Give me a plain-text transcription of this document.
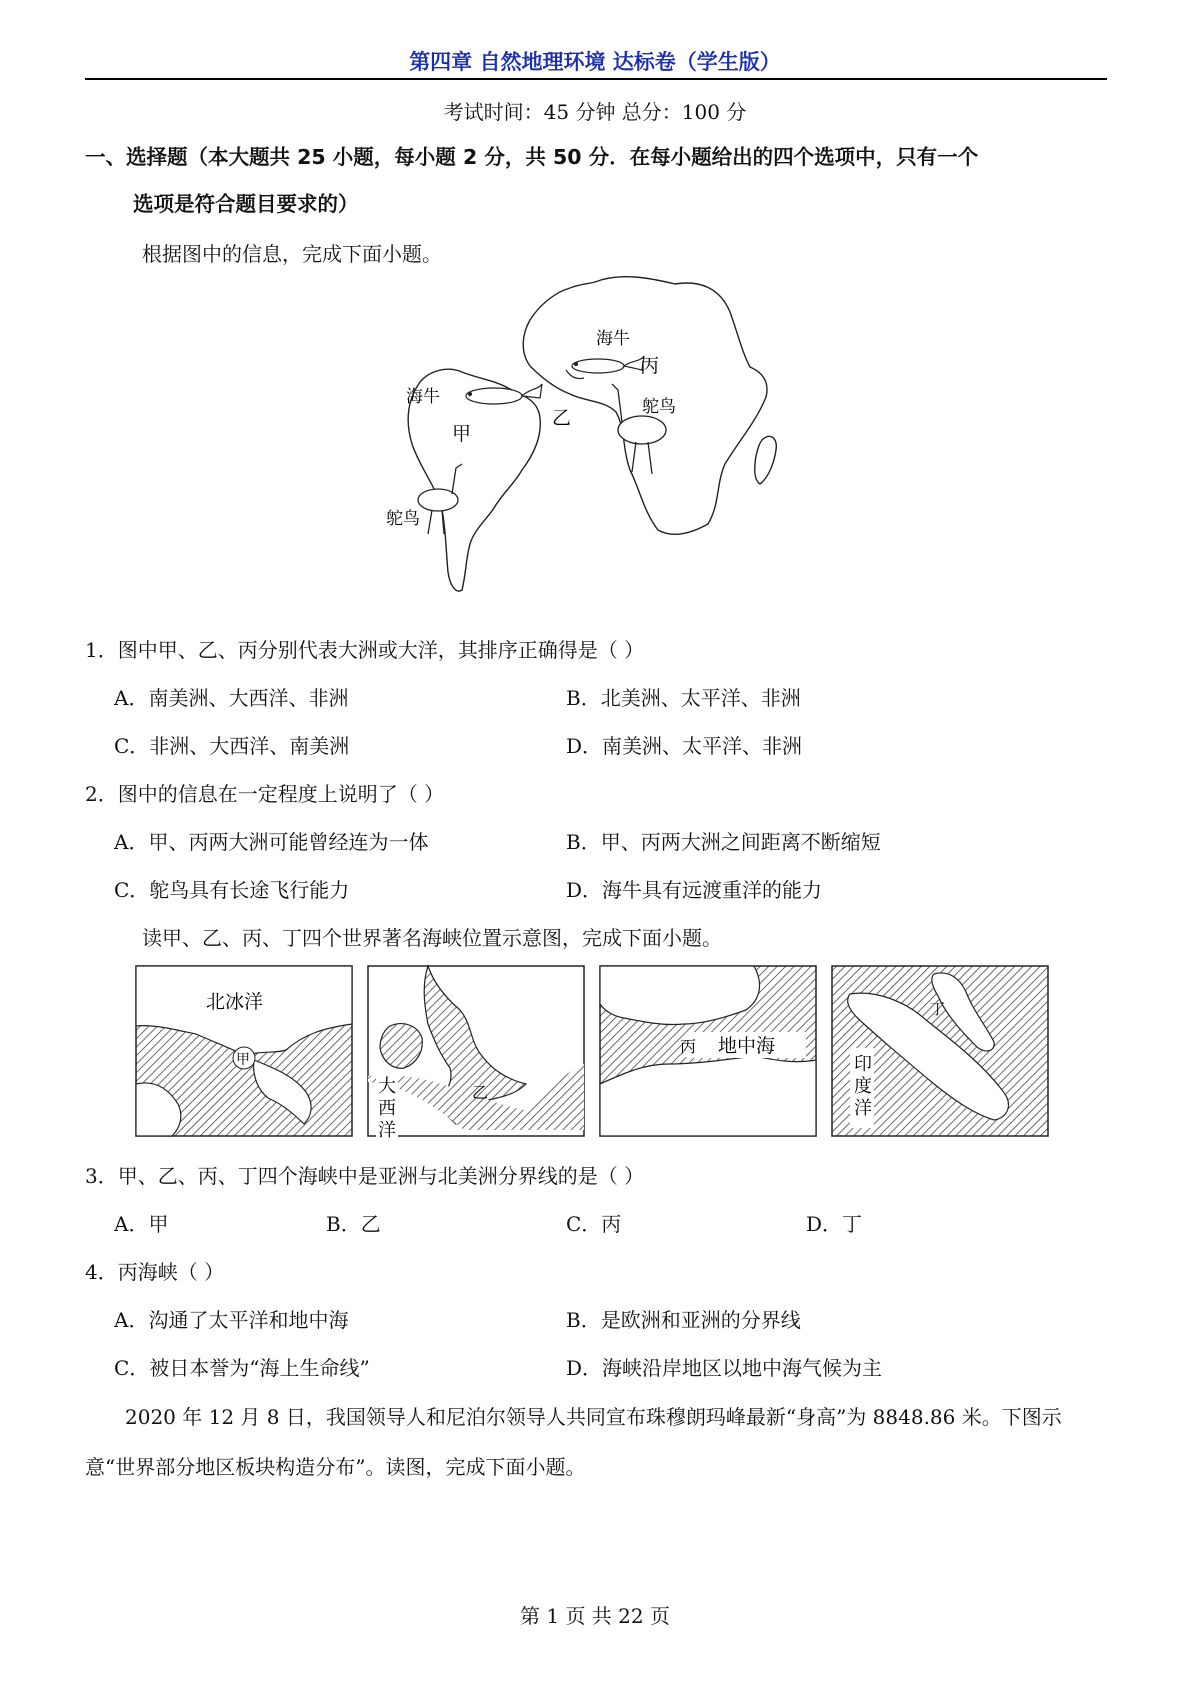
第四章 自然地理环境 达标卷（学生版）
考试时间：45 分钟 总分：100 分
一、选择题（本大题共 25 小题，每小题 2 分，共 50 分．在每小题给出的四个选项中，只有一个
选项是符合题目要求的）
根据图中的信息，完成下面小题。
海牛
丙
鸵鸟
乙
海牛
甲
鸵鸟
1．图中甲、乙、丙分别代表大洲或大洋，其排序正确得是（ ）
A．南美洲、大西洋、非洲	B．北美洲、太平洋、非洲
C．非洲、大西洋、南美洲	D．南美洲、太平洋、非洲
2．图中的信息在一定程度上说明了（ ）
A．甲、丙两大洲可能曾经连为一体	B．甲、丙两大洲之间距离不断缩短
C．鸵鸟具有长途飞行能力	D．海牛具有远渡重洋的能力
读甲、乙、丙、丁四个世界著名海峡位置示意图，完成下面小题。
北冰洋
甲
大
西
洋
乙
丙 地中海
印
度
洋
丁
3．甲、乙、丙、丁四个海峡中是亚洲与北美洲分界线的是（ ）
A．甲	B．乙	C．丙	D．丁
4．丙海峡（ ）
A．沟通了太平洋和地中海	B．是欧洲和亚洲的分界线
C．被日本誉为“海上生命线”	D．海峡沿岸地区以地中海气候为主
2020 年 12 月 8 日，我国领导人和尼泊尔领导人共同宣布珠穆朗玛峰最新“身高”为 8848.86 米。下图示意“世界部分地区板块构造分布”。读图，完成下面小题。
第 1 页 共 22 页
